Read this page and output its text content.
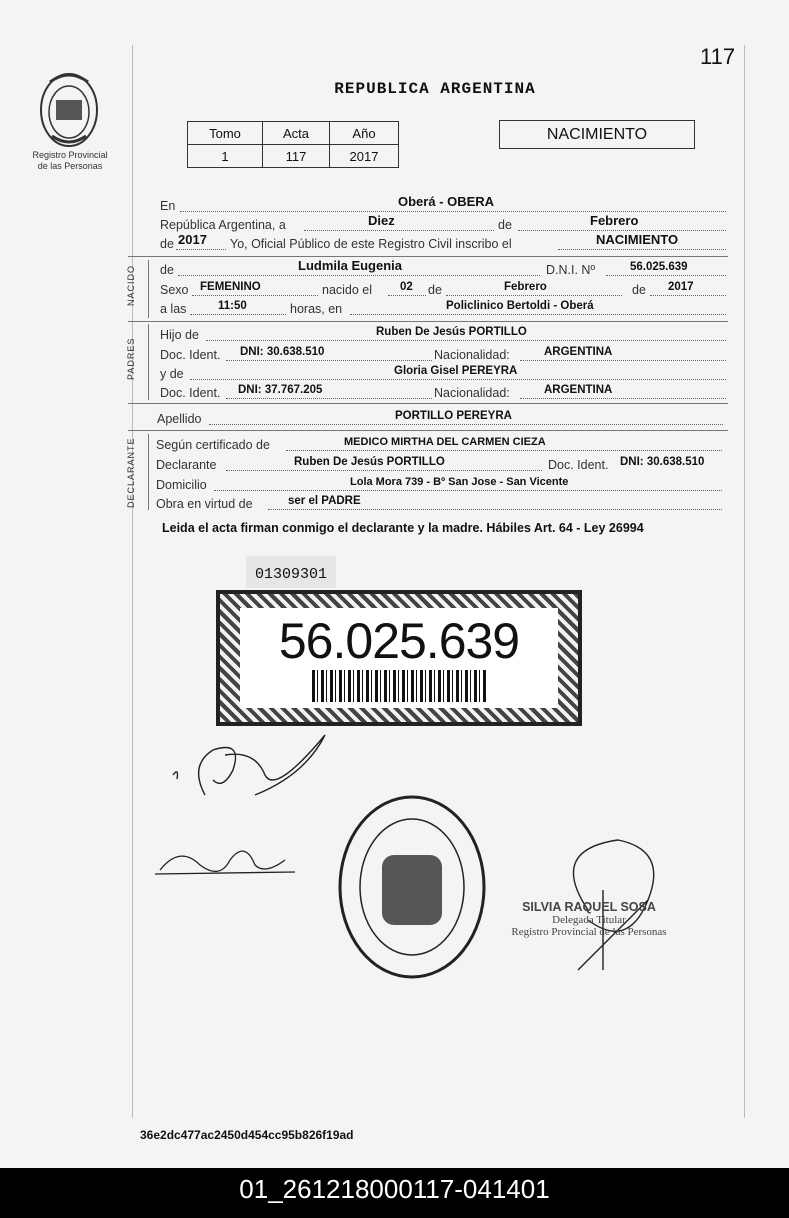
117
Registro Provincial
de las Personas
REPUBLICA ARGENTINA
Tomo	Acta	Año
1	117	2017
NACIMIENTO
En	Oberá - OBERA
República Argentina, a	Diez	de	Febrero
de 2017 Yo, Oficial Público de este Registro Civil inscribo el	NACIMIENTO
NACIDO de	Ludmila Eugenia	D.N.I. Nº	56.025.639
Sexo FEMENINO	nacido el 02 de	Febrero	de 2017
a las	11:50	horas, en	Policlinico Bertoldi - Oberá
PADRES
Hijo de	Ruben De Jesús PORTILLO
Doc. Ident. DNI: 30.638.510	Nacionalidad:	ARGENTINA
y de	Gloria Gisel PEREYRA
Doc. Ident. DNI: 37.767.205	Nacionalidad:	ARGENTINA
Apellido	PORTILLO PEREYRA
DECLARANTE Según certificado de	MEDICO MIRTHA DEL CARMEN CIEZA
Declarante	Ruben De Jesús PORTILLO	Doc. Ident. DNI: 30.638.510
Domicilio	Lola Mora 739 - Bº San Jose - San Vicente
Obra en virtud de	ser el PADRE
Leida el acta firman conmigo el declarante y la madre. Hábiles Art. 64 - Ley 26994
01309301
56.025.639
SILVIA RAQUEL SOSA
Delegada Titular
Registro Provincial de las Personas
36e2dc477ac2450d454cc95b826f19ad
01_261218000117-041401
